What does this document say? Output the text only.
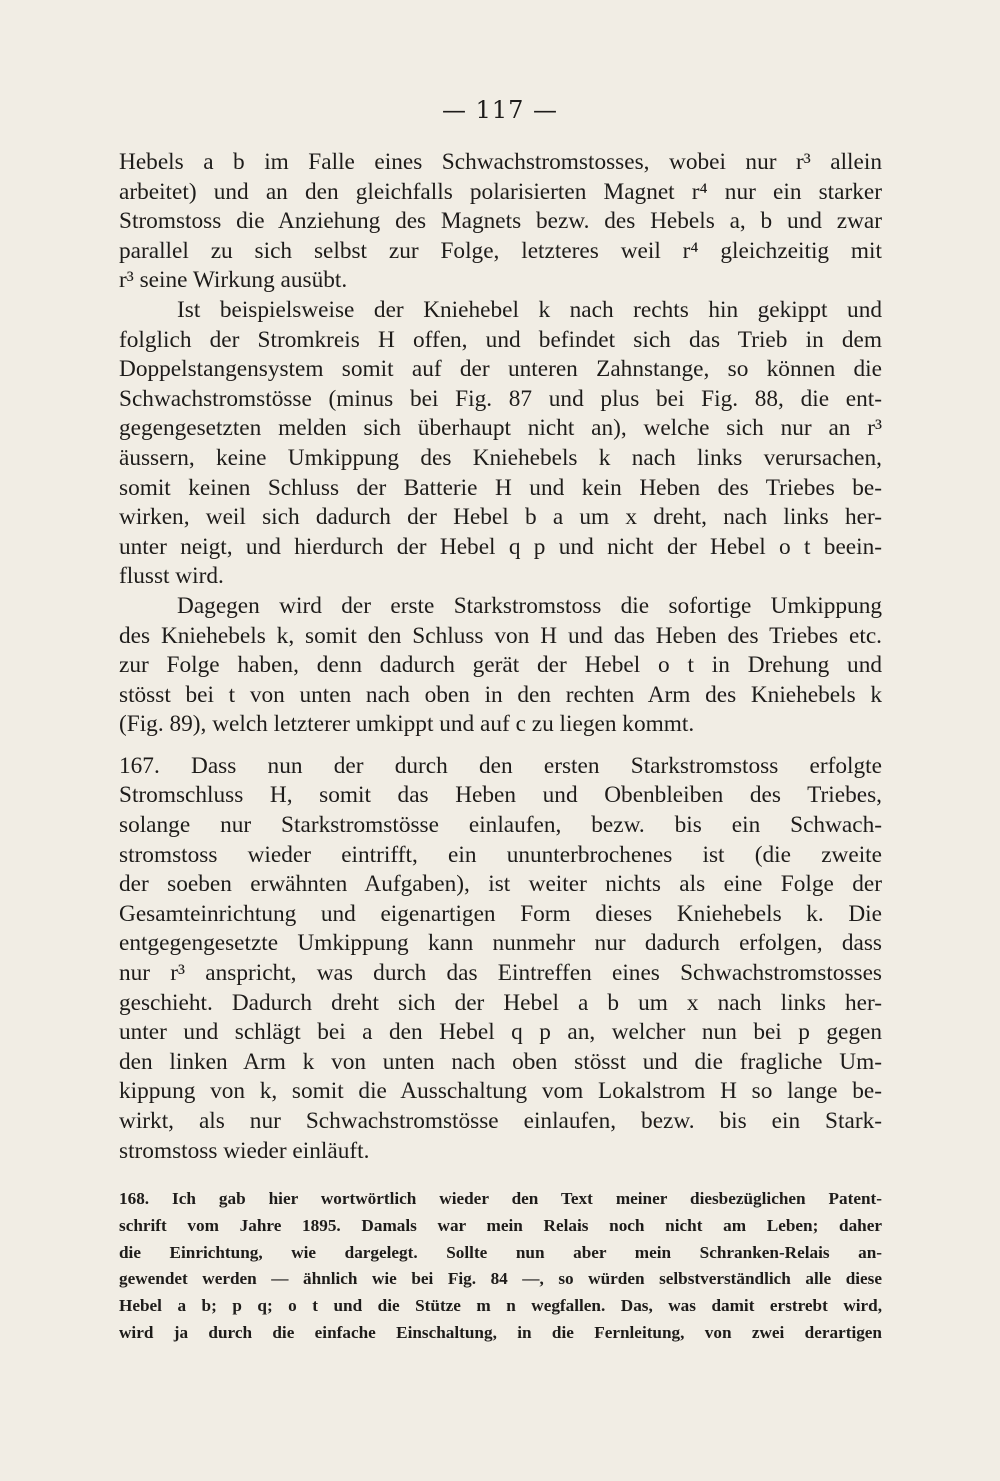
— 117 —
Hebels a b im Falle eines Schwachstromstosses, wobei nur r³ allein
arbeitet) und an den gleichfalls polarisierten Magnet r⁴ nur ein starker
Stromstoss die Anziehung des Magnets bezw. des Hebels a, b und zwar
parallel zu sich selbst zur Folge, letzteres weil r⁴ gleichzeitig mit
r³ seine Wirkung ausübt.
Ist beispielsweise der Kniehebel k nach rechts hin gekippt und
folglich der Stromkreis H offen, und befindet sich das Trieb in dem
Doppelstangensystem somit auf der unteren Zahnstange, so können die
Schwachstromstösse (minus bei Fig. 87 und plus bei Fig. 88, die ent-
gegengesetzten melden sich überhaupt nicht an), welche sich nur an r³
äussern, keine Umkippung des Kniehebels k nach links verursachen,
somit keinen Schluss der Batterie H und kein Heben des Triebes be-
wirken, weil sich dadurch der Hebel b a um x dreht, nach links her-
unter neigt, und hierdurch der Hebel q p und nicht der Hebel o t beein-
flusst wird.
Dagegen wird der erste Starkstromstoss die sofortige Umkippung
des Kniehebels k, somit den Schluss von H und das Heben des Triebes etc.
zur Folge haben, denn dadurch gerät der Hebel o t in Drehung und
stösst bei t von unten nach oben in den rechten Arm des Kniehebels k
(Fig. 89), welch letzterer umkippt und auf c zu liegen kommt.
167. Dass nun der durch den ersten Starkstromstoss erfolgte
Stromschluss H, somit das Heben und Obenbleiben des Triebes,
solange nur Starkstromstösse einlaufen, bezw. bis ein Schwach-
stromstoss wieder eintrifft, ein ununterbrochenes ist (die zweite
der soeben erwähnten Aufgaben), ist weiter nichts als eine Folge der
Gesamteinrichtung und eigenartigen Form dieses Kniehebels k. Die
entgegengesetzte Umkippung kann nunmehr nur dadurch erfolgen, dass
nur r³ anspricht, was durch das Eintreffen eines Schwachstromstosses
geschieht. Dadurch dreht sich der Hebel a b um x nach links her-
unter und schlägt bei a den Hebel q p an, welcher nun bei p gegen
den linken Arm k von unten nach oben stösst und die fragliche Um-
kippung von k, somit die Ausschaltung vom Lokalstrom H so lange be-
wirkt, als nur Schwachstromstösse einlaufen, bezw. bis ein Stark-
stromstoss wieder einläuft.
168. Ich gab hier wortwörtlich wieder den Text meiner diesbezüglichen Patent-
schrift vom Jahre 1895. Damals war mein Relais noch nicht am Leben; daher
die Einrichtung, wie dargelegt. Sollte nun aber mein Schranken-Relais an-
gewendet werden — ähnlich wie bei Fig. 84 —, so würden selbstverständlich alle diese
Hebel a b; p q; o t und die Stütze m n wegfallen. Das, was damit erstrebt wird,
wird ja durch die einfache Einschaltung, in die Fernleitung, von zwei derartigen
